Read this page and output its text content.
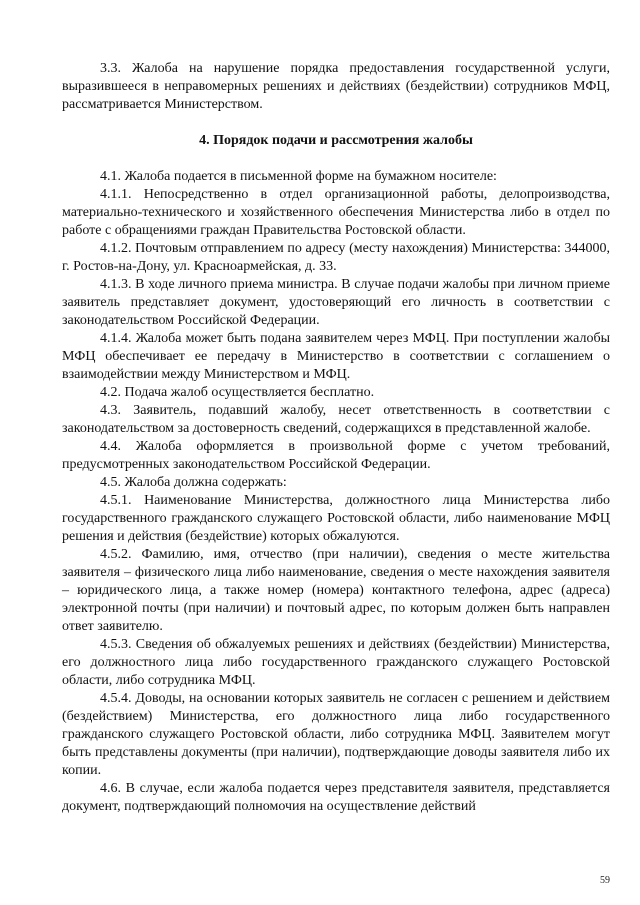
3.3. Жалоба на нарушение порядка предоставления государственной услуги, выразившееся в неправомерных решениях и действиях (бездействии) сотрудников МФЦ, рассматривается Министерством.

4. Порядок подачи и рассмотрения жалобы

4.1. Жалоба подается в письменной форме на бумажном носителе:

4.1.1. Непосредственно в отдел организационной работы, делопроизводства, материально-технического и хозяйственного обеспечения Министерства либо в отдел по работе с обращениями граждан Правительства Ростовской области.

4.1.2. Почтовым отправлением по адресу (месту нахождения) Министерства: 344000, г. Ростов-на-Дону, ул. Красноармейская, д. 33.

4.1.3. В ходе личного приема министра. В случае подачи жалобы при личном приеме заявитель представляет документ, удостоверяющий его личность в соответствии с законодательством Российской Федерации.

4.1.4. Жалоба может быть подана заявителем через МФЦ. При поступлении жалобы МФЦ обеспечивает ее передачу в Министерство в соответствии с соглашением о взаимодействии между Министерством и МФЦ.

4.2. Подача жалоб осуществляется бесплатно.

4.3. Заявитель, подавший жалобу, несет ответственность в соответствии с законодательством за достоверность сведений, содержащихся в представленной жалобе.

4.4. Жалоба оформляется в произвольной форме с учетом требований, предусмотренных законодательством Российской Федерации.

4.5. Жалоба должна содержать:

4.5.1. Наименование Министерства, должностного лица Министерства либо государственного гражданского служащего Ростовской области, либо наименование МФЦ решения и действия (бездействие) которых обжалуются.

4.5.2. Фамилию, имя, отчество (при наличии), сведения о месте жительства заявителя – физического лица либо наименование, сведения о месте нахождения заявителя – юридического лица, а также номер (номера) контактного телефона, адрес (адреса) электронной почты (при наличии) и почтовый адрес, по которым должен быть направлен ответ заявителю.

4.5.3. Сведения об обжалуемых решениях и действиях (бездействии) Министерства, его должностного лица либо государственного гражданского служащего Ростовской области, либо сотрудника МФЦ.

4.5.4. Доводы, на основании которых заявитель не согласен с решением и действием (бездействием) Министерства, его должностного лица либо государственного гражданского служащего Ростовской области, либо сотрудника МФЦ. Заявителем могут быть представлены документы (при наличии), подтверждающие доводы заявителя либо их копии.

4.6. В случае, если жалоба подается через представителя заявителя, представляется документ, подтверждающий полномочия на осуществление действий

59
